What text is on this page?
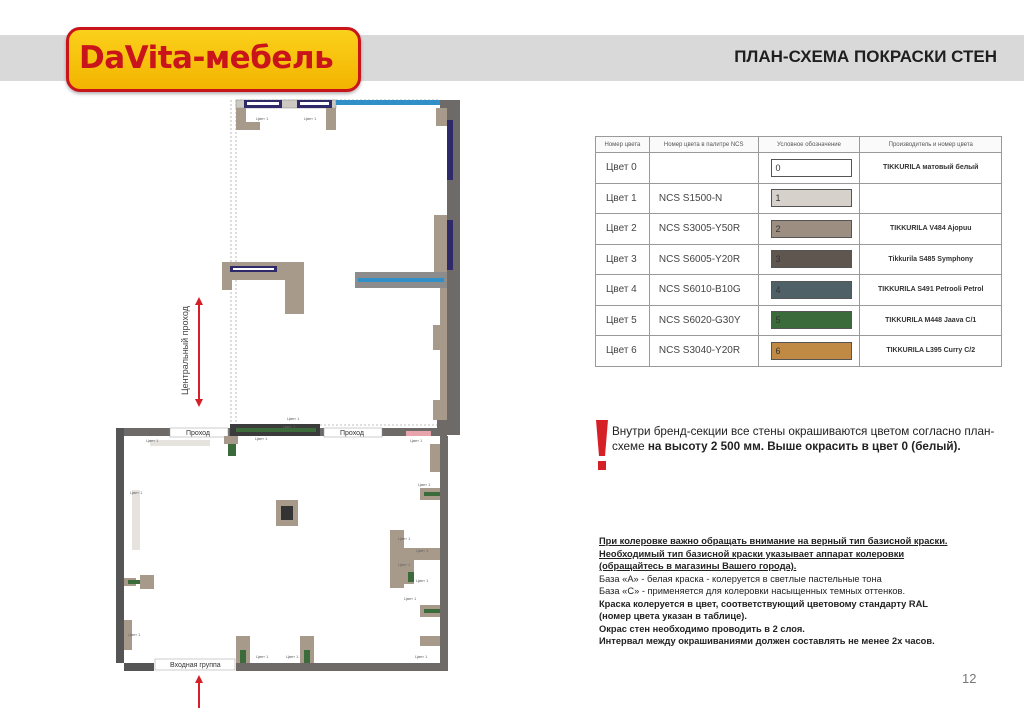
DaVita-мебель	ПЛАН-СХЕМА ПОКРАСКИ СТЕН
Центральный проход
Проход	Проход
Входная группа
Цвет 1	Цвет 1
Цвет 1
Цвет 1
Цвет 1
Цвет 1
Цвет 1
Цвет 1	Цвет 1
Цвет 1
Цвет 1
Цвет 1
Цвет 1
Цвет 1
Цвет 1
Цвет 1
Цвет 1
Цвет 1
Номер цвета	Номер цвета в палитре NCS	Условное обозначение	Производитель и номер цвета
Цвет 0		0	TIKKURILA матовый белый
Цвет 1	NCS S1500-N	1	

Цвет 2	NCS S3005-Y50R	2	TIKKURILA V484 Ajopuu
Цвет 3	NCS S6005-Y20R	3	Tikkurila S485 Symphony
Цвет 4	NCS S6010-B10G	4	TIKKURILA S491 Petrooli Petrol
Цвет 5	NCS S6020-G30Y	5	TIKKURILA M448 Jaava C/1
Цвет 6	NCS S3040-Y20R	6	TIKKURILA L395 Curry C/2
Внутри бренд-секции все стены окрашиваются цветом согласно план-схеме на высоту 2 500 мм. Выше окрасить в цвет 0 (белый).
При колеровке важно обращать внимание на верный тип базисной краски.
Необходимый тип базисной краски указывает аппарат колеровки
(обращайтесь в магазины Вашего города).
База «А» - белая краска - колеруется в светлые пастельные тона
База «С» - применяется для колеровки насыщенных темных оттенков.
Краска колеруется в цвет, соответствующий цветовому стандарту RAL
(номер цвета указан в таблице).
Окрас стен необходимо проводить в 2 слоя.
Интервал между окрашиваниями должен составлять не менее 2х часов.
12
